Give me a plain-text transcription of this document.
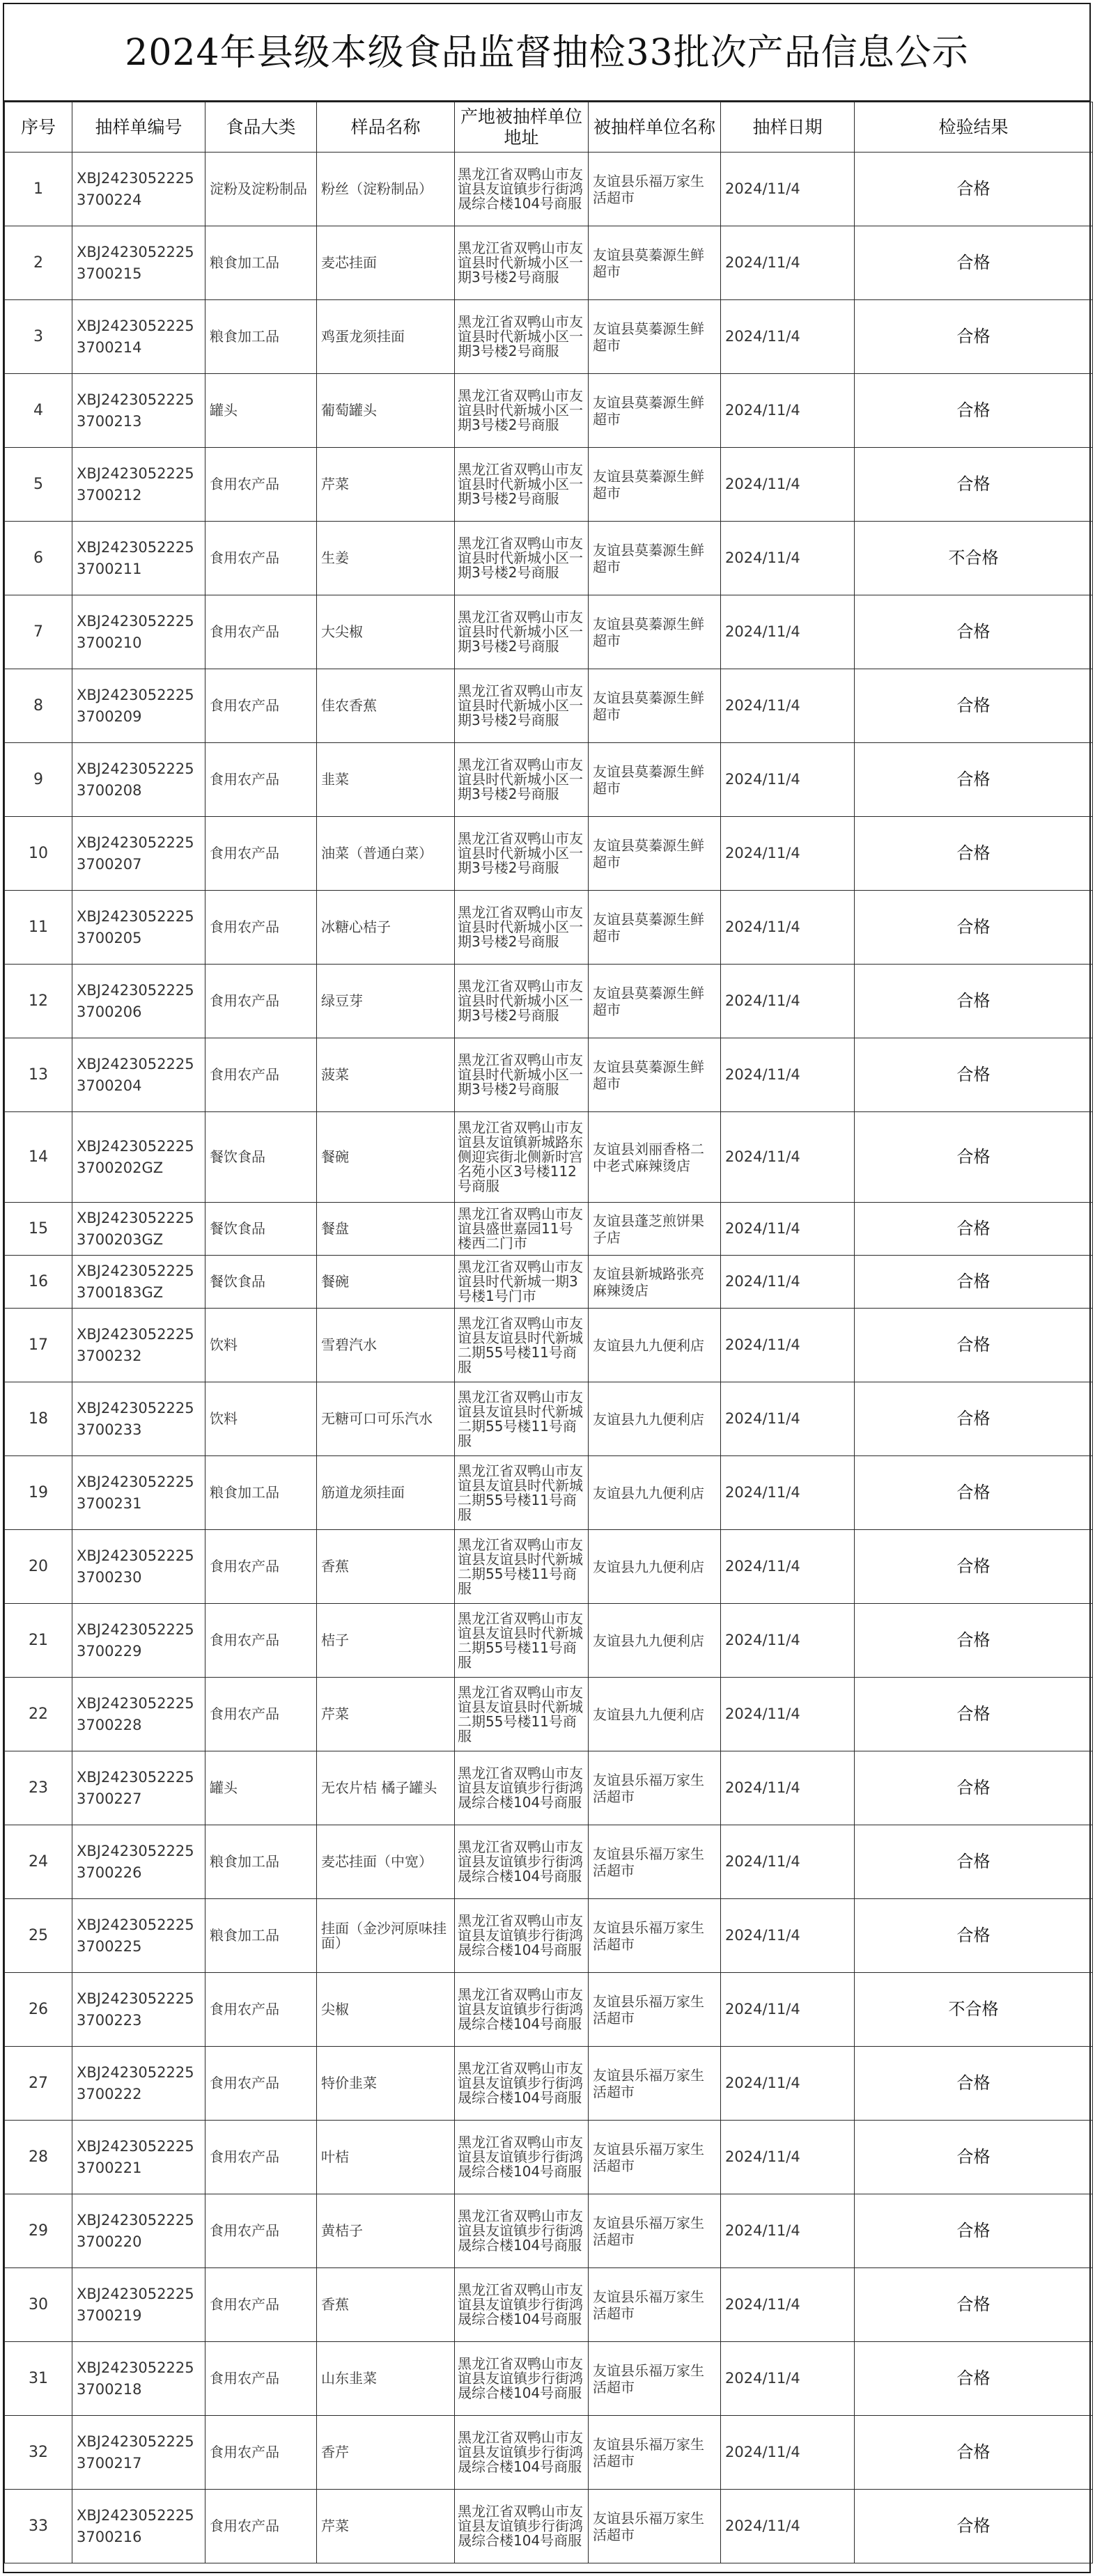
2024年县级本级食品监督抽检33批次产品信息公示
序号	抽样单编号	食品大类	样品名称	产地被抽样单位地址	被抽样单位名称	抽样日期	检验结果
1	XBJ24230522253700224	淀粉及淀粉制品	粉丝（淀粉制品）	黑龙江省双鸭山市友谊县友谊镇步行街鸿晟综合楼104号商服	友谊县乐福万家生活超市	2024/11/4	合格
2	XBJ24230522253700215	粮食加工品	麦芯挂面	黑龙江省双鸭山市友谊县时代新城小区一期3号楼2号商服	友谊县莫蓁源生鲜超市	2024/11/4	合格
3	XBJ24230522253700214	粮食加工品	鸡蛋龙须挂面	黑龙江省双鸭山市友谊县时代新城小区一期3号楼2号商服	友谊县莫蓁源生鲜超市	2024/11/4	合格
4	XBJ24230522253700213	罐头	葡萄罐头	黑龙江省双鸭山市友谊县时代新城小区一期3号楼2号商服	友谊县莫蓁源生鲜超市	2024/11/4	合格
5	XBJ24230522253700212	食用农产品	芹菜	黑龙江省双鸭山市友谊县时代新城小区一期3号楼2号商服	友谊县莫蓁源生鲜超市	2024/11/4	合格
6	XBJ24230522253700211	食用农产品	生姜	黑龙江省双鸭山市友谊县时代新城小区一期3号楼2号商服	友谊县莫蓁源生鲜超市	2024/11/4	不合格
7	XBJ24230522253700210	食用农产品	大尖椒	黑龙江省双鸭山市友谊县时代新城小区一期3号楼2号商服	友谊县莫蓁源生鲜超市	2024/11/4	合格
8	XBJ24230522253700209	食用农产品	佳农香蕉	黑龙江省双鸭山市友谊县时代新城小区一期3号楼2号商服	友谊县莫蓁源生鲜超市	2024/11/4	合格
9	XBJ24230522253700208	食用农产品	韭菜	黑龙江省双鸭山市友谊县时代新城小区一期3号楼2号商服	友谊县莫蓁源生鲜超市	2024/11/4	合格
10	XBJ24230522253700207	食用农产品	油菜（普通白菜）	黑龙江省双鸭山市友谊县时代新城小区一期3号楼2号商服	友谊县莫蓁源生鲜超市	2024/11/4	合格
11	XBJ24230522253700205	食用农产品	冰糖心桔子	黑龙江省双鸭山市友谊县时代新城小区一期3号楼2号商服	友谊县莫蓁源生鲜超市	2024/11/4	合格
12	XBJ24230522253700206	食用农产品	绿豆芽	黑龙江省双鸭山市友谊县时代新城小区一期3号楼2号商服	友谊县莫蓁源生鲜超市	2024/11/4	合格
13	XBJ24230522253700204	食用农产品	菠菜	黑龙江省双鸭山市友谊县时代新城小区一期3号楼2号商服	友谊县莫蓁源生鲜超市	2024/11/4	合格
14	XBJ24230522253700202GZ	餐饮食品	餐碗	黑龙江省双鸭山市友谊县友谊镇新城路东侧迎宾街北侧新时宫名苑小区3号楼112号商服	友谊县刘丽香格二中老式麻辣烫店	2024/11/4	合格
15	XBJ24230522253700203GZ	餐饮食品	餐盘	黑龙江省双鸭山市友谊县盛世嘉园11号楼西二门市	友谊县蓬芝煎饼果子店	2024/11/4	合格
16	XBJ24230522253700183GZ	餐饮食品	餐碗	黑龙江省双鸭山市友谊县时代新城一期3号楼1号门市	友谊县新城路张亮麻辣烫店	2024/11/4	合格
17	XBJ24230522253700232	饮料	雪碧汽水	黑龙江省双鸭山市友谊县友谊县时代新城二期55号楼11号商服	友谊县九九便利店	2024/11/4	合格
18	XBJ24230522253700233	饮料	无糖可口可乐汽水	黑龙江省双鸭山市友谊县友谊县时代新城二期55号楼11号商服	友谊县九九便利店	2024/11/4	合格
19	XBJ24230522253700231	粮食加工品	筋道龙须挂面	黑龙江省双鸭山市友谊县友谊县时代新城二期55号楼11号商服	友谊县九九便利店	2024/11/4	合格
20	XBJ24230522253700230	食用农产品	香蕉	黑龙江省双鸭山市友谊县友谊县时代新城二期55号楼11号商服	友谊县九九便利店	2024/11/4	合格
21	XBJ24230522253700229	食用农产品	桔子	黑龙江省双鸭山市友谊县友谊县时代新城二期55号楼11号商服	友谊县九九便利店	2024/11/4	合格
22	XBJ24230522253700228	食用农产品	芹菜	黑龙江省双鸭山市友谊县友谊县时代新城二期55号楼11号商服	友谊县九九便利店	2024/11/4	合格
23	XBJ24230522253700227	罐头	无农片桔 橘子罐头	黑龙江省双鸭山市友谊县友谊镇步行街鸿晟综合楼104号商服	友谊县乐福万家生活超市	2024/11/4	合格
24	XBJ24230522253700226	粮食加工品	麦芯挂面（中宽）	黑龙江省双鸭山市友谊县友谊镇步行街鸿晟综合楼104号商服	友谊县乐福万家生活超市	2024/11/4	合格
25	XBJ24230522253700225	粮食加工品	挂面（金沙河原味挂面）	黑龙江省双鸭山市友谊县友谊镇步行街鸿晟综合楼104号商服	友谊县乐福万家生活超市	2024/11/4	合格
26	XBJ24230522253700223	食用农产品	尖椒	黑龙江省双鸭山市友谊县友谊镇步行街鸿晟综合楼104号商服	友谊县乐福万家生活超市	2024/11/4	不合格
27	XBJ24230522253700222	食用农产品	特价韭菜	黑龙江省双鸭山市友谊县友谊镇步行街鸿晟综合楼104号商服	友谊县乐福万家生活超市	2024/11/4	合格
28	XBJ24230522253700221	食用农产品	叶桔	黑龙江省双鸭山市友谊县友谊镇步行街鸿晟综合楼104号商服	友谊县乐福万家生活超市	2024/11/4	合格
29	XBJ24230522253700220	食用农产品	黄桔子	黑龙江省双鸭山市友谊县友谊镇步行街鸿晟综合楼104号商服	友谊县乐福万家生活超市	2024/11/4	合格
30	XBJ24230522253700219	食用农产品	香蕉	黑龙江省双鸭山市友谊县友谊镇步行街鸿晟综合楼104号商服	友谊县乐福万家生活超市	2024/11/4	合格
31	XBJ24230522253700218	食用农产品	山东韭菜	黑龙江省双鸭山市友谊县友谊镇步行街鸿晟综合楼104号商服	友谊县乐福万家生活超市	2024/11/4	合格
32	XBJ24230522253700217	食用农产品	香芹	黑龙江省双鸭山市友谊县友谊镇步行街鸿晟综合楼104号商服	友谊县乐福万家生活超市	2024/11/4	合格
33	XBJ24230522253700216	食用农产品	芹菜	黑龙江省双鸭山市友谊县友谊镇步行街鸿晟综合楼104号商服	友谊县乐福万家生活超市	2024/11/4	合格
